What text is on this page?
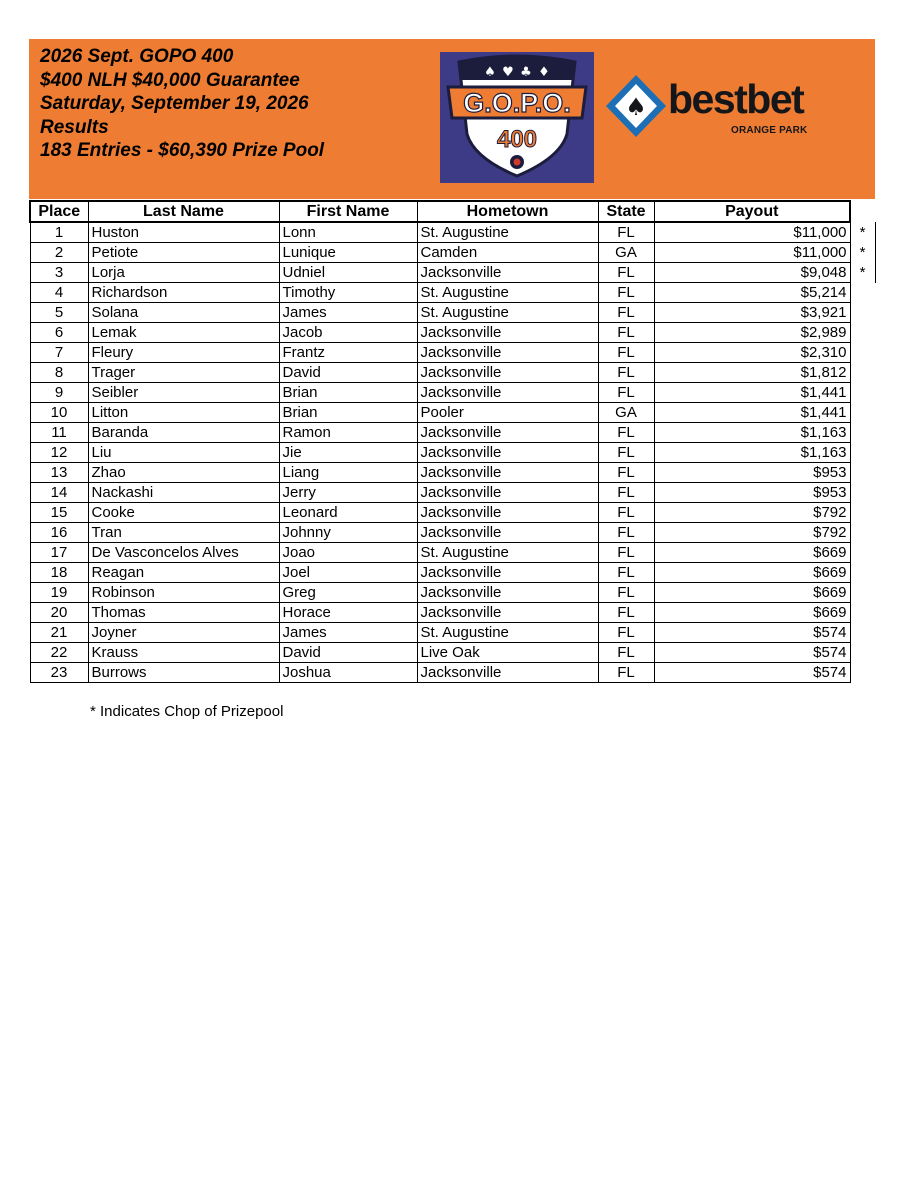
2026 Sept. GOPO 400
$400 NLH $40,000 Guarantee
Saturday, September 19, 2026
Results
183 Entries - $60,390 Prize Pool
♠ ♥ ♣ ♦
G.O.P.O.
400
♠ bestbet
ORANGE PARK
Place	Last Name	First Name	Hometown	State	Payout	
1	Huston	Lonn	St. Augustine	FL	$11,000	*
2	Petiote	Lunique	Camden	GA	$11,000	*
3	Lorja	Udniel	Jacksonville	FL	$9,048	*
4	Richardson	Timothy	St. Augustine	FL	$5,214	
5	Solana	James	St. Augustine	FL	$3,921	
6	Lemak	Jacob	Jacksonville	FL	$2,989	
7	Fleury	Frantz	Jacksonville	FL	$2,310	
8	Trager	David	Jacksonville	FL	$1,812	
9	Seibler	Brian	Jacksonville	FL	$1,441	
10	Litton	Brian	Pooler	GA	$1,441	
11	Baranda	Ramon	Jacksonville	FL	$1,163	
12	Liu	Jie	Jacksonville	FL	$1,163	
13	Zhao	Liang	Jacksonville	FL	$953	
14	Nackashi	Jerry	Jacksonville	FL	$953	
15	Cooke	Leonard	Jacksonville	FL	$792	
16	Tran	Johnny	Jacksonville	FL	$792	
17	De Vasconcelos Alves	Joao	St. Augustine	FL	$669	
18	Reagan	Joel	Jacksonville	FL	$669	
19	Robinson	Greg	Jacksonville	FL	$669	
20	Thomas	Horace	Jacksonville	FL	$669	
21	Joyner	James	St. Augustine	FL	$574	
22	Krauss	David	Live Oak	FL	$574	
23	Burrows	Joshua	Jacksonville	FL	$574	
* Indicates Chop of Prizepool
